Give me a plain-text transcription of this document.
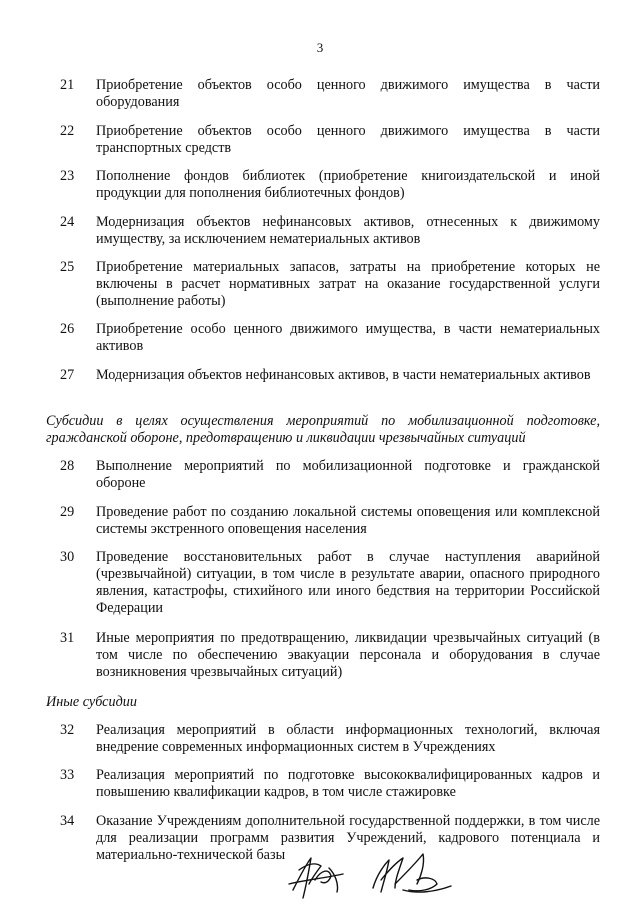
3
21	Приобретение объектов особо ценного движимого имущества в части оборудования
22	Приобретение объектов особо ценного движимого имущества в части транспортных средств
23	Пополнение фондов библиотек (приобретение книгоиздательской и иной продукции для пополнения библиотечных фондов)
24	Модернизация объектов нефинансовых активов, отнесенных к движимому имуществу, за исключением нематериальных активов
25	Приобретение материальных запасов, затраты на приобретение которых не включены в расчет нормативных затрат на оказание государственной услуги (выполнение работы)
26	Приобретение особо ценного движимого имущества, в части нематериальных активов
27	Модернизация объектов нефинансовых активов, в части нематериальных активов
Субсидии в целях осуществления мероприятий по мобилизационной подготовке, гражданской обороне, предотвращению и ликвидации чрезвычайных ситуаций
28	Выполнение мероприятий по мобилизационной подготовке и гражданской обороне
29	Проведение работ по созданию локальной системы оповещения или комплексной системы экстренного оповещения населения
30	Проведение восстановительных работ в случае наступления аварийной (чрезвычайной) ситуации, в том числе в результате аварии, опасного природного явления, катастрофы, стихийного или иного бедствия на территории Российской Федерации
31	Иные мероприятия по предотвращению, ликвидации чрезвычайных ситуаций (в том числе по обеспечению эвакуации персонала и оборудования в случае возникновения чрезвычайных ситуаций)
Иные субсидии
32	Реализация мероприятий в области информационных технологий, включая внедрение современных информационных систем в Учреждениях
33	Реализация мероприятий по подготовке высококвалифицированных кадров и повышению квалификации кадров, в том числе стажировке
34	Оказание Учреждениям дополнительной государственной поддержки, в том числе для реализации программ развития Учреждений, кадрового потенциала и материально-технической базы
